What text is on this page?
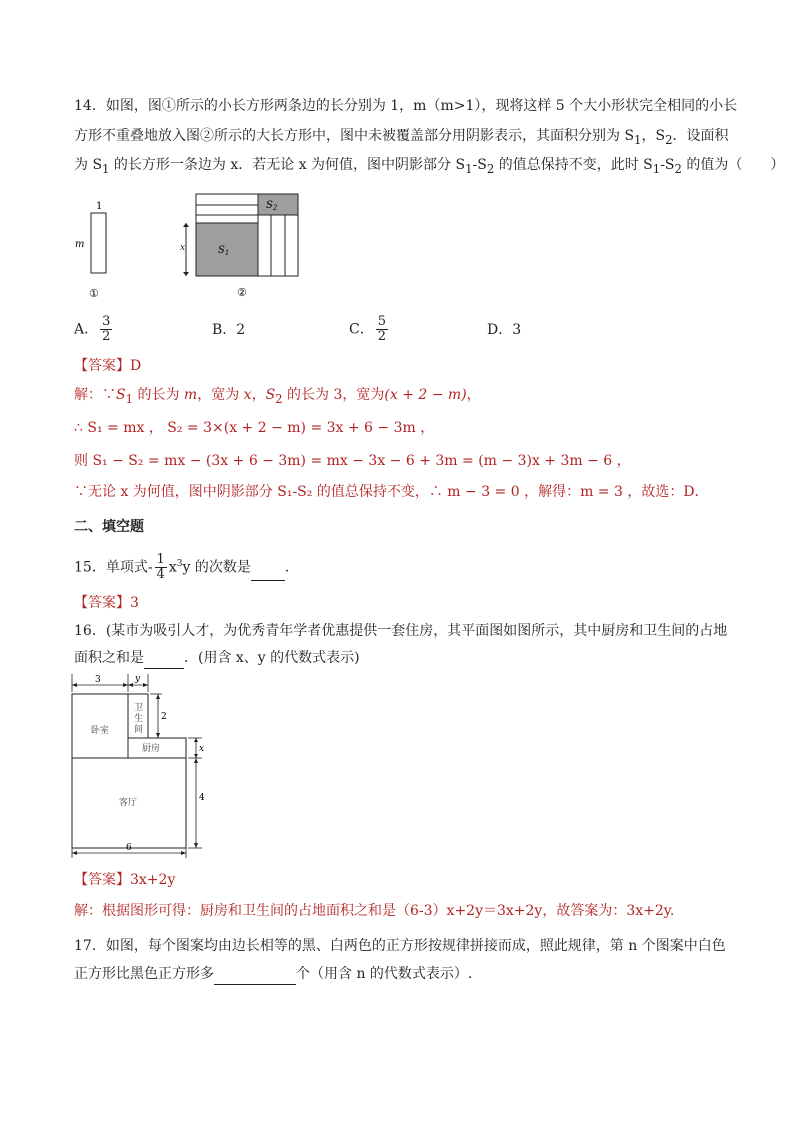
14．如图，图①所示的小长方形两条边的长分别为 1，m（m>1），现将这样 5 个大小形状完全相同的小长
方形不重叠地放入图②所示的大长方形中，图中未被覆盖部分用阴影表示，其面积分别为 $S_1$，$S_2$．设面积
为 $S_1$ 的长方形一条边为 x．若无论 x 为何值，图中阴影部分 $S_1-S_2$ 的值总保持不变，此时 $S_1-S_2$ 的值为（　　）
1
m
①
$S_2$
$S_1$
x
②
A． $\frac{3}{2}$	B．2	C． $\frac{5}{2}$	D．3
【答案】D
解：$\because S_1$ 的长为 m，宽为 x，$S_2$ 的长为 3，宽为(x + 2 − m)，
∴ S₁ = mx ， S₂ = 3×(x + 2 − m) = 3x + 6 − 3m ，
则 S₁ − S₂ = mx − (3x + 6 − 3m) = mx − 3x − 6 + 3m = (m − 3)x + 3m − 6 ，
∵无论 x 为何值，图中阴影部分 S₁-S₂ 的值总保持不变，∴ m − 3 = 0 ，解得：m = 3 ，故选：D．
二、填空题
15．单项式- $\frac{1}{4} x^3y$ 的次数是 ．
【答案】3
16．(某市为吸引人才，为优秀青年学者优惠提供一套住房，其平面图如图所示，其中厨房和卫生间的占地
面积之和是	．(用含 x、y 的代数式表示)
3	y
卧室
卫
生
间
厨房
客厅
2
x
4
6
【答案】3x+2y
解：根据图形可得：厨房和卫生间的占地面积之和是（6-3）x+2y＝3x+2y，故答案为：3x+2y.
17．如图，每个图案均由边长相等的黑、白两色的正方形按规律拼接而成，照此规律，第 n 个图案中白色
正方形比黑色正方形多	个（用含 n 的代数式表示）.
